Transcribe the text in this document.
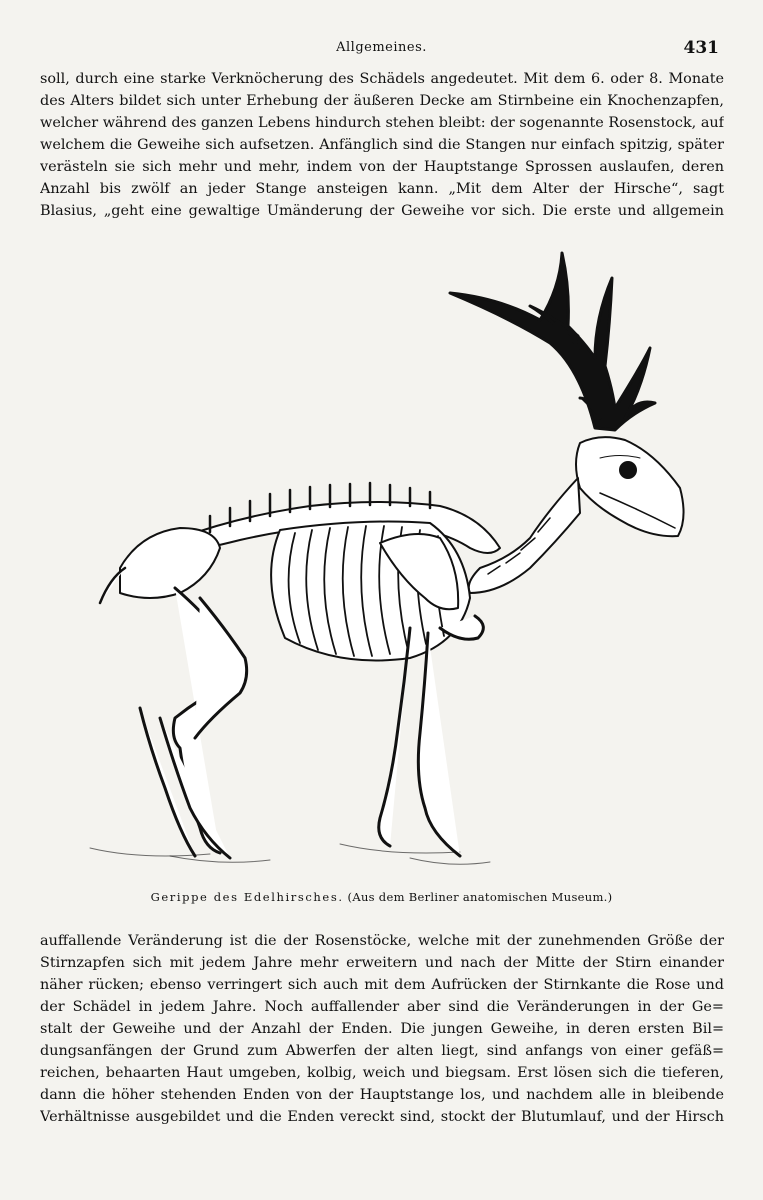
Allgemeines.	431
soll, durch eine starke Verknöcherung des Schädels angedeutet. Mit dem 6. oder 8. Monate
des Alters bildet sich unter Erhebung der äußeren Decke am Stirnbeine ein Knochenzapfen,
welcher während des ganzen Lebens hindurch stehen bleibt: der sogenannte Rosenstock, auf
welchem die Geweihe sich aufsetzen. Anfänglich sind die Stangen nur einfach spitzig, später
verästeln sie sich mehr und mehr, indem von der Hauptstange Sprossen auslaufen, deren
Anzahl bis zwölf an jeder Stange ansteigen kann. „Mit dem Alter der Hirsche“, sagt
Blasius, „geht eine gewaltige Umänderung der Geweihe vor sich. Die erste und allgemein
Gerippe des Edelhirsches. (Aus dem Berliner anatomischen Museum.)
auffallende Veränderung ist die der Rosenstöcke, welche mit der zunehmenden Größe der
Stirnzapfen sich mit jedem Jahre mehr erweitern und nach der Mitte der Stirn einander
näher rücken; ebenso verringert sich auch mit dem Aufrücken der Stirnkante die Rose und
der Schädel in jedem Jahre. Noch auffallender aber sind die Veränderungen in der Ge=
stalt der Geweihe und der Anzahl der Enden. Die jungen Geweihe, in deren ersten Bil=
dungsanfängen der Grund zum Abwerfen der alten liegt, sind anfangs von einer gefäß=
reichen, behaarten Haut umgeben, kolbig, weich und biegsam. Erst lösen sich die tieferen,
dann die höher stehenden Enden von der Hauptstange los, und nachdem alle in bleibende
Verhältnisse ausgebildet und die Enden vereckt sind, stockt der Blutumlauf, und der Hirsch
